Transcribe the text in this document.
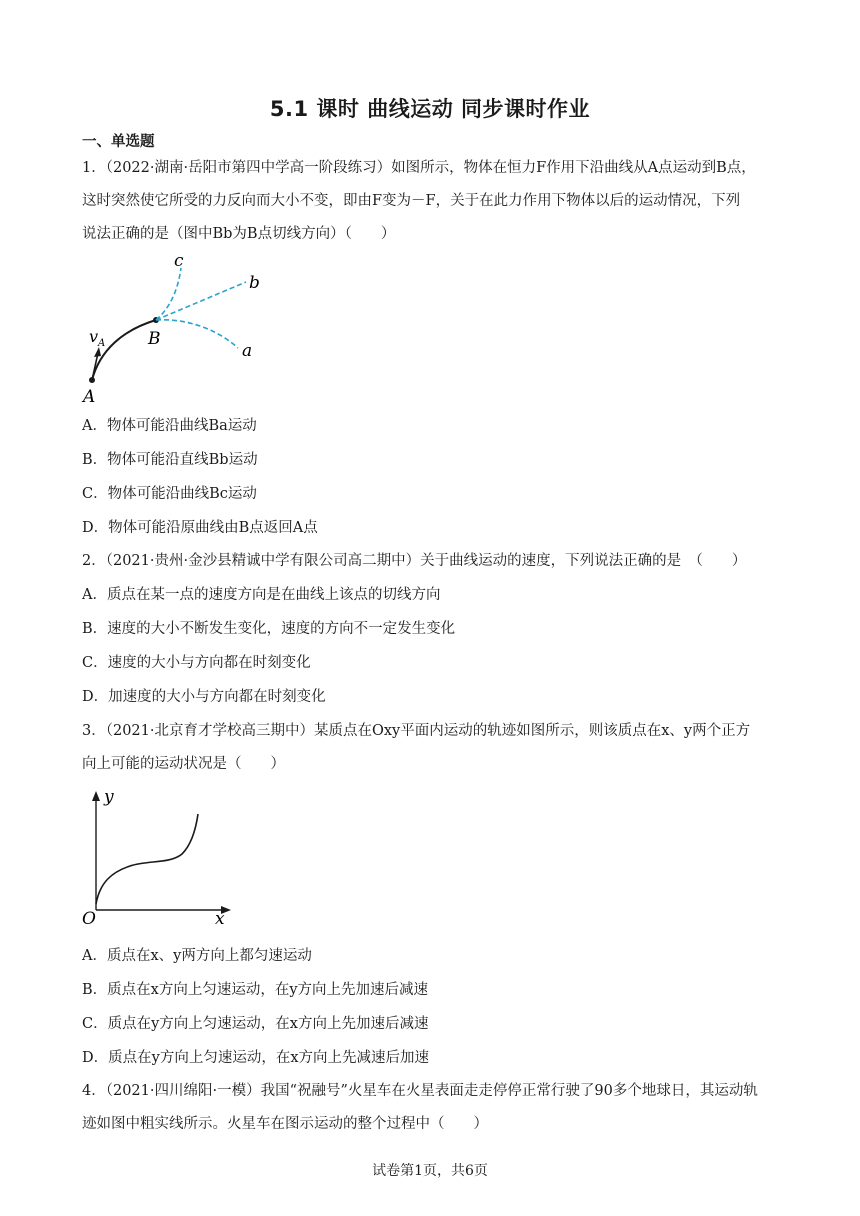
5.1 课时 曲线运动 同步课时作业
一、单选题
1．（2022·湖南·岳阳市第四中学高一阶段练习）如图所示，物体在恒力F作用下沿曲线从A点运动到B点，
这时突然使它所受的力反向而大小不变，即由F变为－F，关于在此力作用下物体以后的运动情况，下列
说法正确的是（图中Bb为B点切线方向）（　　）
c
b
a
B
A
$v_A$
A．物体可能沿曲线Ba运动
B．物体可能沿直线Bb运动
C．物体可能沿曲线Bc运动
D．物体可能沿原曲线由B点返回A点
2．（2021·贵州·金沙县精诚中学有限公司高二期中）关于曲线运动的速度，下列说法正确的是　（　　）
A．质点在某一点的速度方向是在曲线上该点的切线方向
B．速度的大小不断发生变化，速度的方向不一定发生变化
C．速度的大小与方向都在时刻变化
D．加速度的大小与方向都在时刻变化
3．（2021·北京育才学校高三期中）某质点在Oxy平面内运动的轨迹如图所示，则该质点在x、y两个正方
向上可能的运动状况是（　　）
y
x
O
A．质点在x、y两方向上都匀速运动
B．质点在x方向上匀速运动，在y方向上先加速后减速
C．质点在y方向上匀速运动，在x方向上先加速后减速
D．质点在y方向上匀速运动，在x方向上先减速后加速
4．（2021·四川绵阳·一模）我国“祝融号”火星车在火星表面走走停停正常行驶了90多个地球日，其运动轨
迹如图中粗实线所示。火星车在图示运动的整个过程中（　　）
试卷第1页，共6页
